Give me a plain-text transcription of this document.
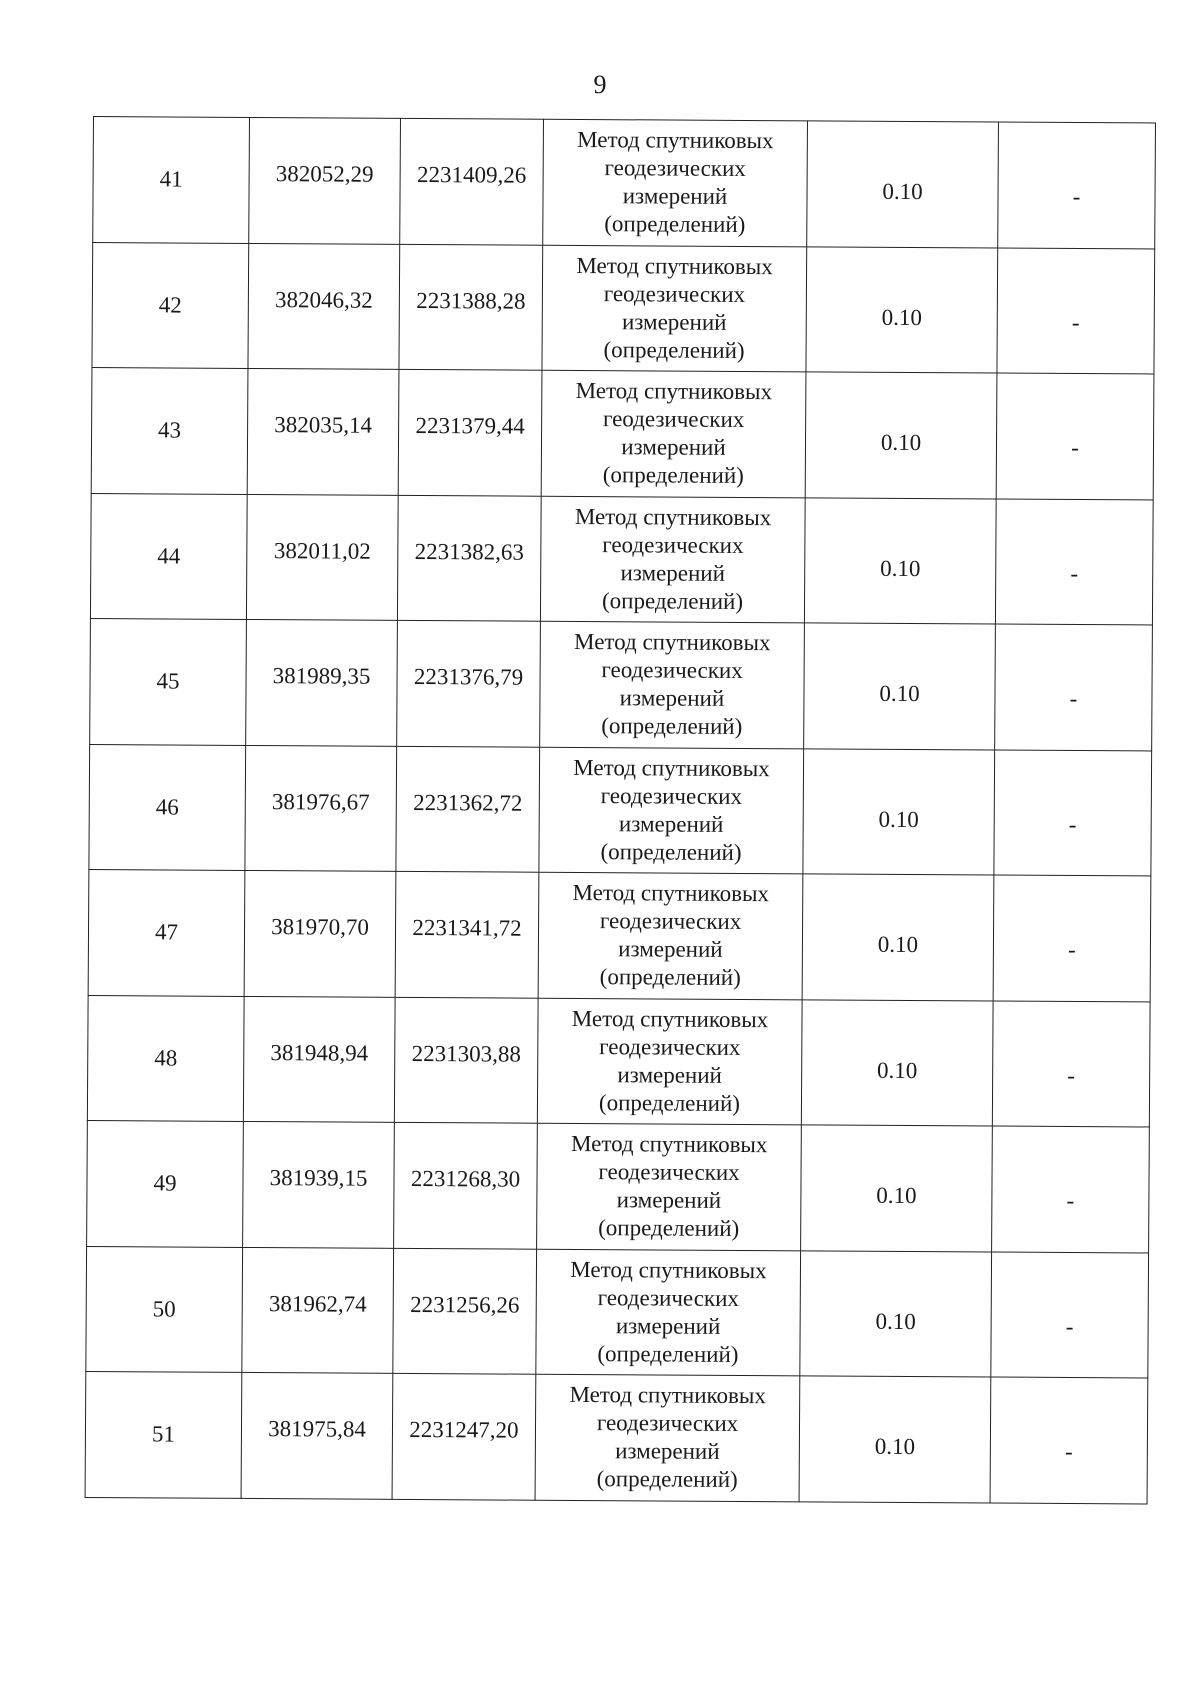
9
41	382052,29	2231409,26	Метод спутниковых геодезических измерений (определений)	0.10	-
42	382046,32	2231388,28	Метод спутниковых геодезических измерений (определений)	0.10	-
43	382035,14	2231379,44	Метод спутниковых геодезических измерений (определений)	0.10	-
44	382011,02	2231382,63	Метод спутниковых геодезических измерений (определений)	0.10	-
45	381989,35	2231376,79	Метод спутниковых геодезических измерений (определений)	0.10	-
46	381976,67	2231362,72	Метод спутниковых геодезических измерений (определений)	0.10	-
47	381970,70	2231341,72	Метод спутниковых геодезических измерений (определений)	0.10	-
48	381948,94	2231303,88	Метод спутниковых геодезических измерений (определений)	0.10	-
49	381939,15	2231268,30	Метод спутниковых геодезических измерений (определений)	0.10	-
50	381962,74	2231256,26	Метод спутниковых геодезических измерений (определений)	0.10	-
51	381975,84	2231247,20	Метод спутниковых геодезических измерений (определений)	0.10	-
